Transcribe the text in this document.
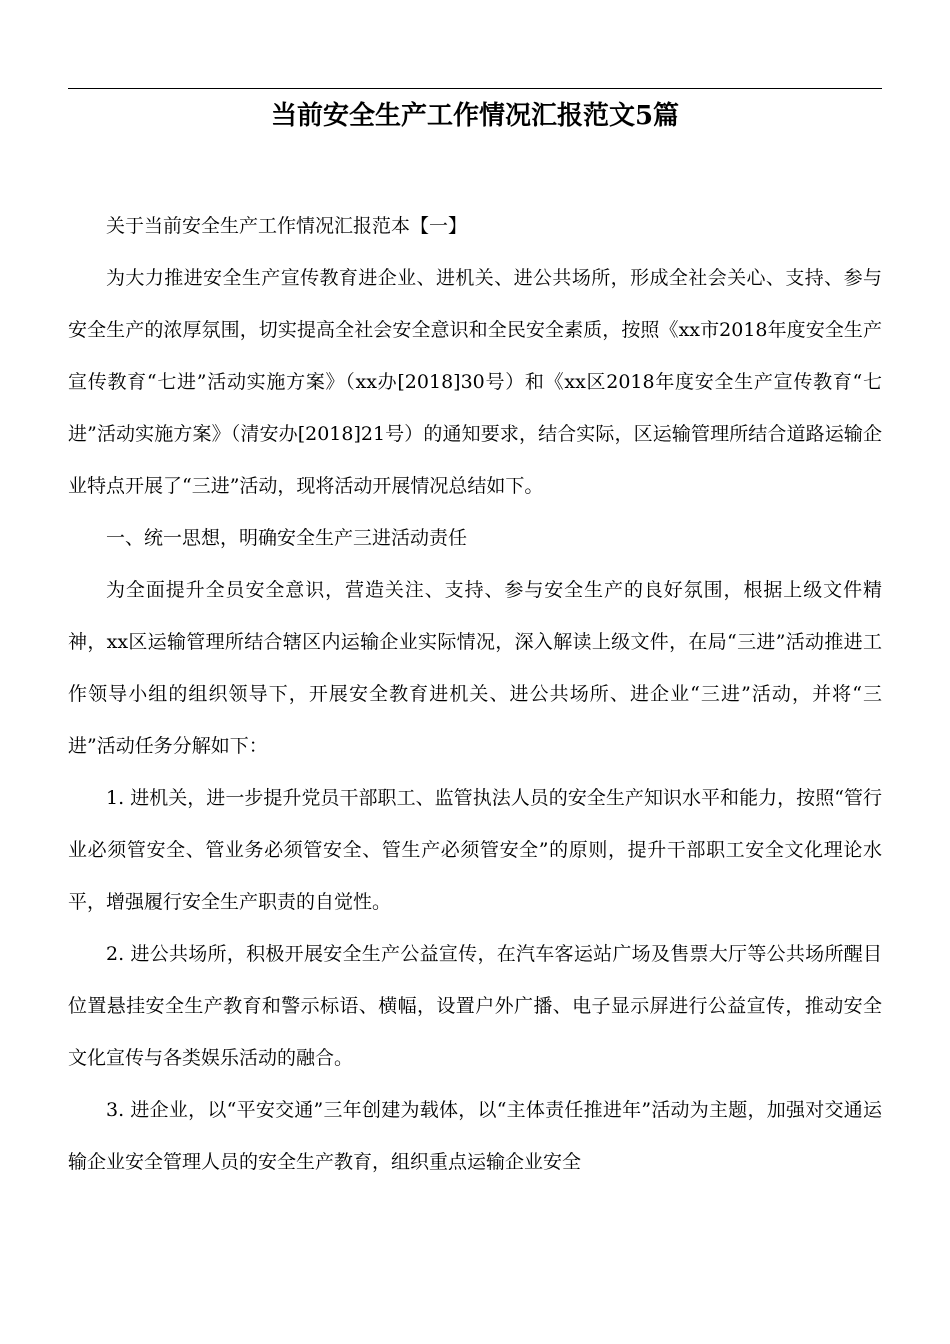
当前安全生产工作情况汇报范文5篇

关于当前安全生产工作情况汇报范本【一】

为大力推进安全生产宣传教育进企业、进机关、进公共场所，形成全社会关心、支持、参与安全生产的浓厚氛围，切实提高全社会安全意识和全民安全素质，按照《xx市2018年度安全生产宣传教育“七进”活动实施方案》（xx办[2018]30号）和《xx区2018年度安全生产宣传教育“七进”活动实施方案》（清安办[2018]21号）的通知要求，结合实际，区运输管理所结合道路运输企业特点开展了“三进”活动，现将活动开展情况总结如下。

一、统一思想，明确安全生产三进活动责任

为全面提升全员安全意识，营造关注、支持、参与安全生产的良好氛围，根据上级文件精神，xx区运输管理所结合辖区内运输企业实际情况，深入解读上级文件，在局“三进”活动推进工作领导小组的组织领导下，开展安全教育进机关、进公共场所、进企业“三进”活动，并将“三进”活动任务分解如下：

1. 进机关，进一步提升党员干部职工、监管执法人员的安全生产知识水平和能力，按照“管行业必须管安全、管业务必须管安全、管生产必须管安全”的原则，提升干部职工安全文化理论水平，增强履行安全生产职责的自觉性。

2. 进公共场所，积极开展安全生产公益宣传，在汽车客运站广场及售票大厅等公共场所醒目位置悬挂安全生产教育和警示标语、横幅，设置户外广播、电子显示屏进行公益宣传，推动安全文化宣传与各类娱乐活动的融合。

3. 进企业，以“平安交通”三年创建为载体，以“主体责任推进年”活动为主题，加强对交通运输企业安全管理人员的安全生产教育，组织重点运输企业安全
